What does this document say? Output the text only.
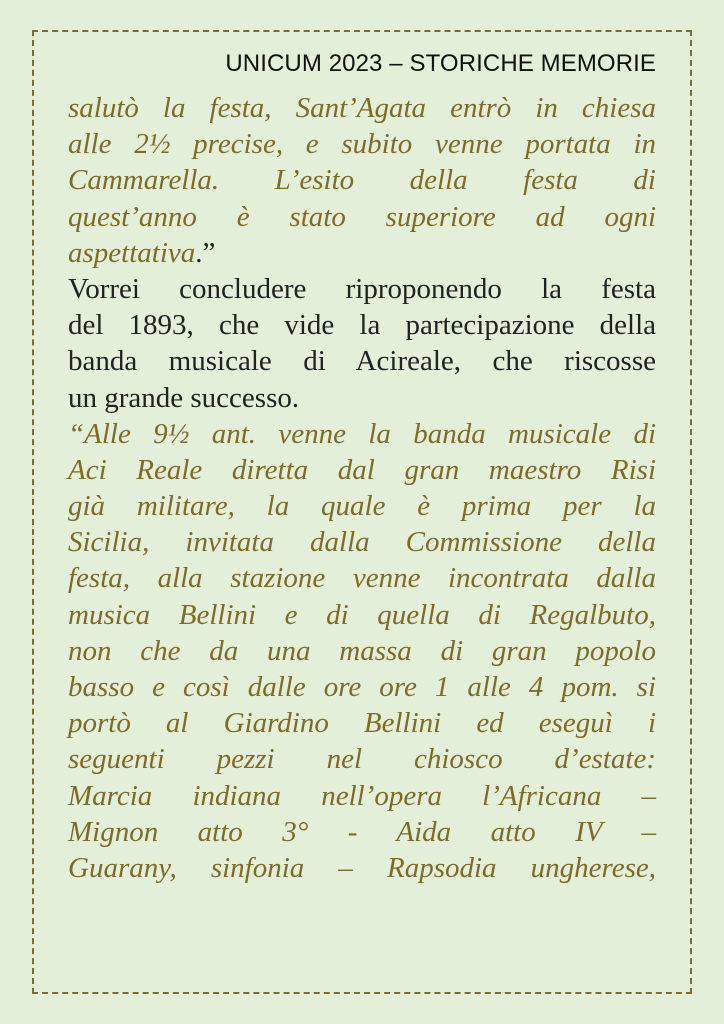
UNICUM 2023 – STORICHE MEMORIE
salutò la festa, Sant’Agata entrò in chiesa
alle 2½ precise, e subito venne portata in
Cammarella. L’esito della festa di
quest’anno è stato superiore ad ogni
aspettativa.”
Vorrei concludere riproponendo la festa
del 1893, che vide la partecipazione della
banda musicale di Acireale, che riscosse
un grande successo.
“Alle 9½ ant. venne la banda musicale di
Aci Reale diretta dal gran maestro Risi
già militare, la quale è prima per la
Sicilia, invitata dalla Commissione della
festa, alla stazione venne incontrata dalla
musica Bellini e di quella di Regalbuto,
non che da una massa di gran popolo
basso e così dalle ore ore 1 alle 4 pom. si
portò al Giardino Bellini ed eseguì i
seguenti pezzi nel chiosco d’estate:
Marcia indiana nell’opera l’Africana –
Mignon atto 3° - Aida atto IV –
Guarany, sinfonia – Rapsodia ungherese,
